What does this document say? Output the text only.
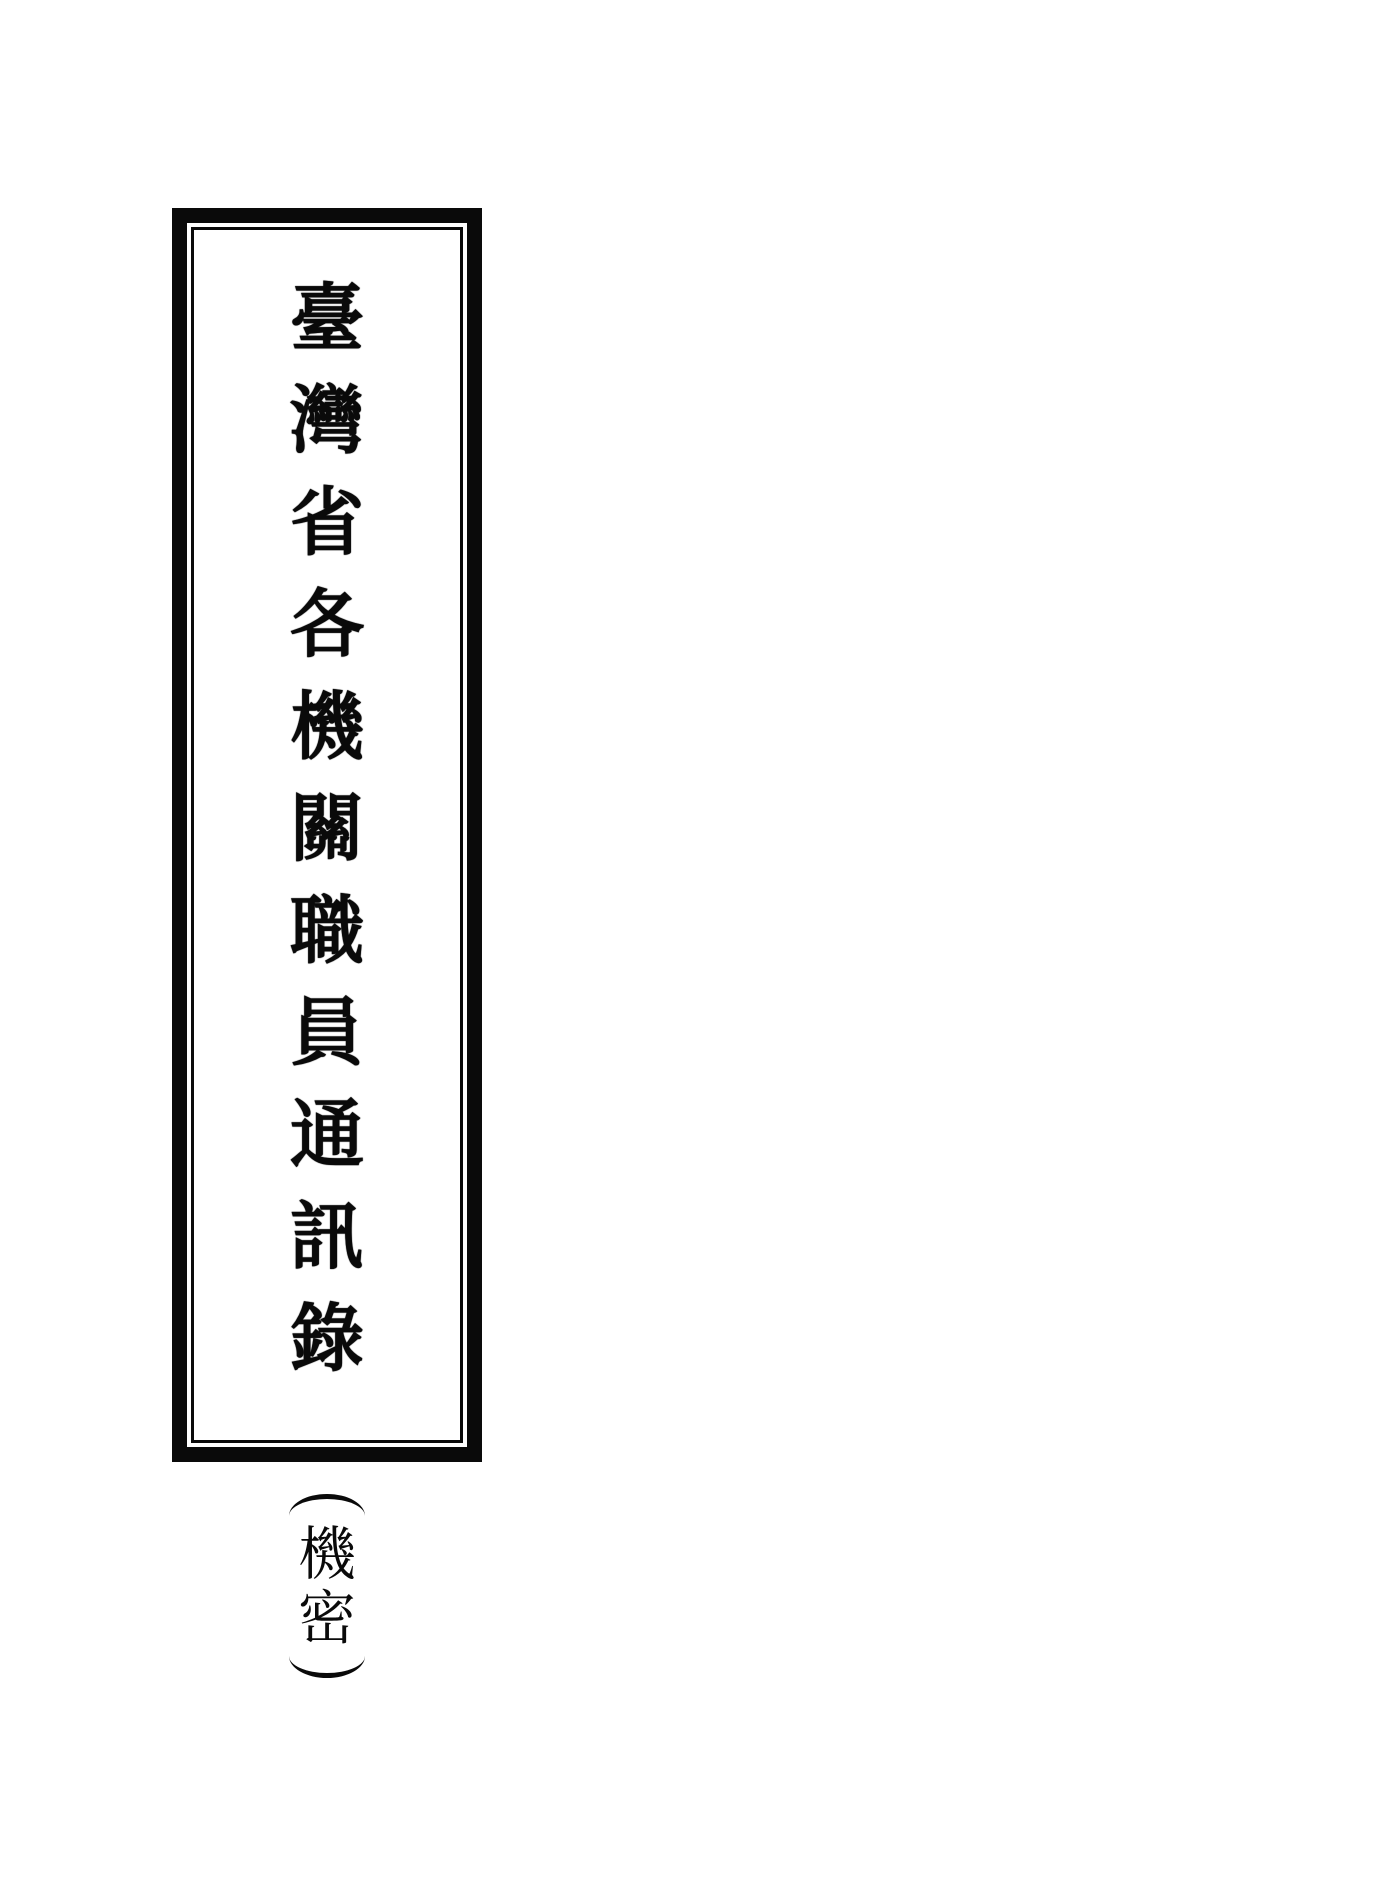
臺
灣
省
各
機
關
職
員
通
訊
錄
機
密
